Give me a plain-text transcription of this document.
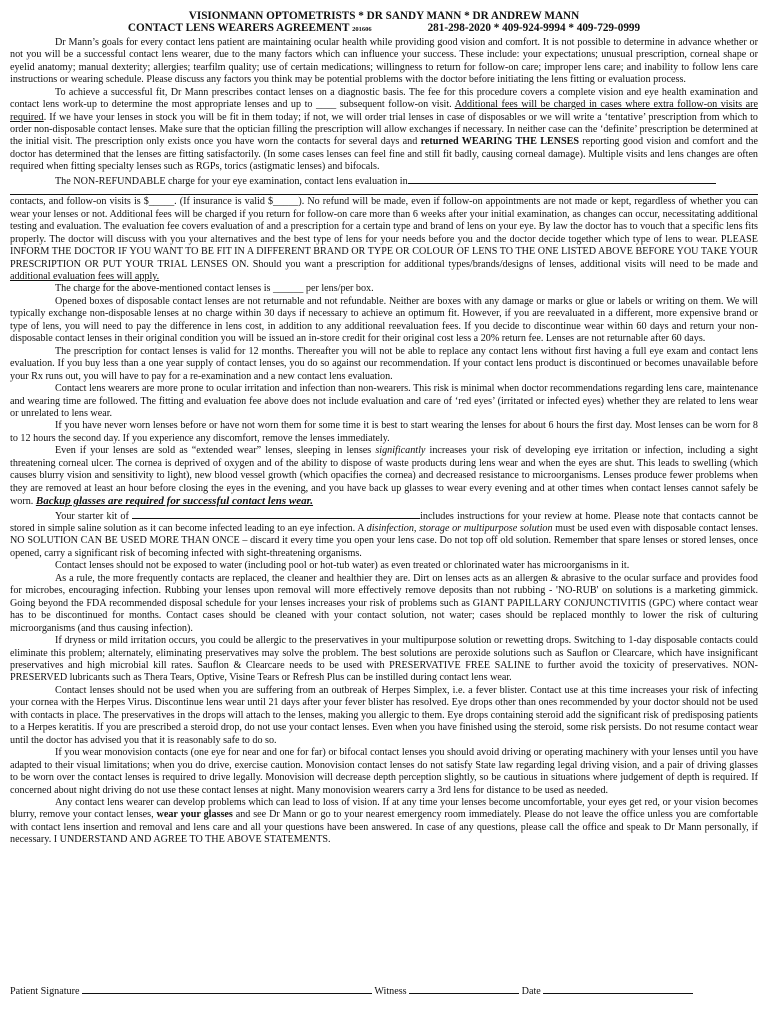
VISIONMANN OPTOMETRISTS * DR SANDY MANN * DR ANDREW MANN
CONTACT LENS WEARERS AGREEMENT 201606	281-298-2020 * 409-924-9994 * 409-729-0999

Dr Mann’s goals for every contact lens patient are maintaining ocular health while providing good vision and comfort. It is not possible to determine in advance whether or not you will be a successful contact lens wearer, due to the many factors which can influence your success. These include: your expectations; unusual prescription, corneal shape or eyelid anatomy; manual dexterity; allergies; tearfilm quality; use of certain medications; willingness to return for follow-on care; improper lens care; and inability to follow lens care instructions or wearing schedule. Please discuss any factors you think may be potential problems with the doctor before initiating the lens fitting or evaluation process.

To achieve a successful fit, Dr Mann prescribes contact lenses on a diagnostic basis. The fee for this procedure covers a complete vision and eye health examination and contact lens work-up to determine the most appropriate lenses and up to ____ subsequent follow-on visit. Additional fees will be charged in cases where extra follow-on visits are required. If we have your lenses in stock you will be fit in them today; if not, we will order trial lenses in case of disposables or we will write a ‘tentative’ prescription from which to order non-disposable contact lenses. Make sure that the optician filling the prescription will allow exchanges if necessary. In neither case can the ‘definite’ prescription be determined at the initial visit. The prescription only exists once you have worn the contacts for several days and returned WEARING THE LENSES reporting good vision and comfort and the doctor has determined that the lenses are fitting satisfactorily. (In some cases lenses can feel fine and still fit badly, causing corneal damage). Multiple visits and lens changes are often required when fitting specialty lenses such as RGPs, torics (astigmatic lenses) and bifocals.

The NON-REFUNDABLE charge for your eye examination, contact lens evaluation in

contacts, and follow-on visits is $_____. (If insurance is valid $_____). No refund will be made, even if follow-on appointments are not made or kept, regardless of whether you can wear your lenses or not. Additional fees will be charged if you return for follow-on care more than 6 weeks after your initial examination, as changes can occur, necessitating additional testing and evaluation. The evaluation fee covers evaluation of and a prescription for a certain type and brand of lens on your eye. By law the doctor has to vouch that a specific lens fits properly. The doctor will discuss with you your alternatives and the best type of lens for your needs before you and the doctor decide together which type of lens to wear. PLEASE INFORM THE DOCTOR IF YOU WANT TO BE FIT IN A DIFFERENT BRAND OR TYPE OR COLOUR OF LENS TO THE ONE LISTED ABOVE BEFORE YOU TAKE YOUR PRESCRIPTION OR PUT YOUR TRIAL LENSES ON. Should you want a prescription for additional types/brands/designs of lenses, additional visits will need to be made and additional evaluation fees will apply.

The charge for the above-mentioned contact lenses is ______ per lens/per box.

Opened boxes of disposable contact lenses are not returnable and not refundable. Neither are boxes with any damage or marks or glue or labels or writing on them. We will typically exchange non-disposable lenses at no charge within 30 days if necessary to achieve an optimum fit. However, if you are reevaluated in a different, more expensive brand or type of lens, you will need to pay the difference in lens cost, in addition to any additional reevaluation fees. If you decide to discontinue wear within 60 days and return your non-disposable contact lenses in their original condition you will be issued an in-store credit for their original cost less a 20% return fee. Lenses are not returnable after 60 days.

The prescription for contact lenses is valid for 12 months. Thereafter you will not be able to replace any contact lens without first having a full eye exam and contact lens evaluation. If you buy less than a one year supply of contact lenses, you do so against our recommendation. If your contact lens product is discontinued or becomes unavailable before your Rx runs out, you will have to pay for a re-examination and a new contact lens evaluation.

Contact lens wearers are more prone to ocular irritation and infection than non-wearers. This risk is minimal when doctor recommendations regarding lens care, maintenance and wearing time are followed. The fitting and evaluation fee above does not include evaluation and care of ‘red eyes’ (irritated or infected eyes) whether they are related to lens wear or unrelated to lens wear.

If you have never worn lenses before or have not worn them for some time it is best to start wearing the lenses for about 6 hours the first day. Most lenses can be worn for 8 to 12 hours the second day. If you experience any discomfort, remove the lenses immediately.

Even if your lenses are sold as “extended wear” lenses, sleeping in lenses significantly increases your risk of developing eye irritation or infection, including a sight threatening corneal ulcer. The cornea is deprived of oxygen and of the ability to dispose of waste products during lens wear and when the eyes are shut. This leads to swelling (which causes blurry vision and sensitivity to light), new blood vessel growth (which opacifies the cornea) and decreased resistance to microorganisms. Lenses produce fewer problems when they are removed at least an hour before closing the eyes in the evening, and you have back up glasses to wear every evening and at other times when contact lenses cannot safely be worn. Backup glasses are required for successful contact lens wear.

Your starter kit of	includes instructions for your review at home. Please note that contacts cannot be stored in simple saline solution as it can become infected leading to an eye infection. A disinfection, storage or multipurpose solution must be used even with disposable contact lenses. NO SOLUTION CAN BE USED MORE THAN ONCE – discard it every time you open your lens case. Do not top off old solution. Remember that spare lenses or stored lenses, once opened, carry a significant risk of becoming infected with sight-threatening organisms.

Contact lenses should not be exposed to water (including pool or hot-tub water) as even treated or chlorinated water has microorganisms in it.

As a rule, the more frequently contacts are replaced, the cleaner and healthier they are. Dirt on lenses acts as an allergen & abrasive to the ocular surface and provides food for microbes, encouraging infection. Rubbing your lenses upon removal will more effectively remove deposits than not rubbing - 'NO-RUB' on solutions is a marketing gimmick. Going beyond the FDA recommended disposal schedule for your lenses increases your risk of problems such as GIANT PAPILLARY CONJUNCTIVITIS (GPC) where contact wear has to be discontinued for months. Contact cases should be cleaned with your contact solution, not water; cases should be replaced monthly to lower the risk of culturing microorganisms (and thus causing infection).

If dryness or mild irritation occurs, you could be allergic to the preservatives in your multipurpose solution or rewetting drops. Switching to 1-day disposable contacts could eliminate this problem; alternately, eliminating preservatives may solve the problem. The best solutions are peroxide solutions such as Sauflon or Clearcare, which have insignificant preservatives and high microbial kill rates. Sauflon & Clearcare needs to be used with PRESERVATIVE FREE SALINE to further avoid the toxicity of preservatives. NON-PRESERVED lubricants such as Thera Tears, Optive, Visine Tears or Refresh Plus can be instilled during contact lens wear.

Contact lenses should not be used when you are suffering from an outbreak of Herpes Simplex, i.e. a fever blister. Contact use at this time increases your risk of infecting your cornea with the Herpes Virus. Discontinue lens wear until 21 days after your fever blister has resolved. Eye drops other than ones recommended by your doctor should not be used with contacts in place. The preservatives in the drops will attach to the lenses, making you allergic to them. Eye drops containing steroid add the significant risk of predisposing patients to a Herpes keratitis. If you are prescribed a steroid drop, do not use your contact lenses. Even when you have finished using the steroid, some risk persists. Do not resume contact wear until the doctor has advised you that it is reasonably safe to do so.

If you wear monovision contacts (one eye for near and one for far) or bifocal contact lenses you should avoid driving or operating machinery with your lenses until you have adapted to their visual limitations; when you do drive, exercise caution. Monovision contact lenses do not satisfy State law regarding legal driving vision, and a pair of driving glasses to be worn over the contact lenses is required to drive legally. Monovision will decrease depth perception slightly, so be cautious in situations where judgement of depth is required. If concerned about night driving do not use these contact lenses at night. Many monovision wearers carry a 3rd lens for distance to be used as needed.

Any contact lens wearer can develop problems which can lead to loss of vision. If at any time your lenses become uncomfortable, your eyes get red, or your vision becomes blurry, remove your contact lenses, wear your glasses and see Dr Mann or go to your nearest emergency room immediately. Please do not leave the office unless you are comfortable with contact lens insertion and removal and lens care and all your questions have been answered. In case of any questions, please call the office and speak to Dr Mann personally, if necessary. I UNDERSTAND AND AGREE TO THE ABOVE STATEMENTS.

Patient Signature	Witness	Date
